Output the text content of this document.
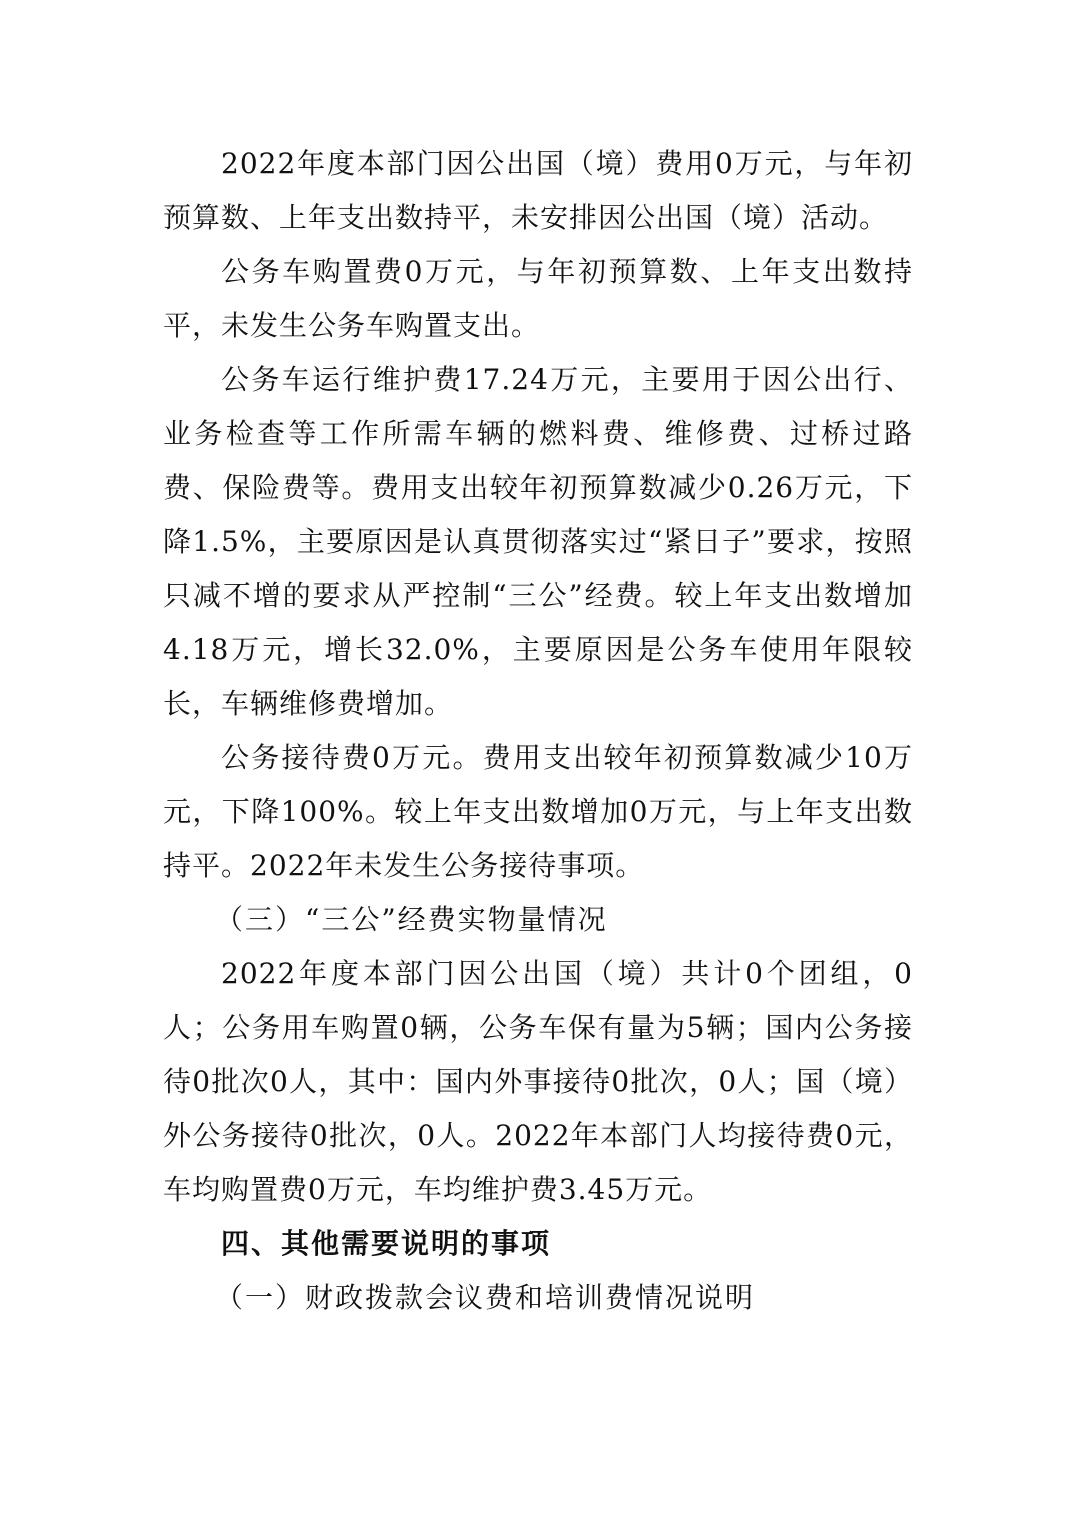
2022年度本部门因公出国（境）费用0万元，与年初预算数、上年支出数持平，未安排因公出国（境）活动。

公务车购置费0万元，与年初预算数、上年支出数持平，未发生公务车购置支出。

公务车运行维护费17.24万元，主要用于因公出行、业务检查等工作所需车辆的燃料费、维修费、过桥过路费、保险费等。费用支出较年初预算数减少0.26万元，下降1.5%，主要原因是认真贯彻落实过“紧日子”要求，按照只减不增的要求从严控制“三公”经费。较上年支出数增加4.18万元，增长32.0%，主要原因是公务车使用年限较长，车辆维修费增加。

公务接待费0万元。费用支出较年初预算数减少10万元，下降100%。较上年支出数增加0万元，与上年支出数持平。2022年未发生公务接待事项。

（三）“三公”经费实物量情况

2022年度本部门因公出国（境）共计0个团组，0人；公务用车购置0辆，公务车保有量为5辆；国内公务接待0批次0人，其中：国内外事接待0批次，0人；国（境）外公务接待0批次，0人。2022年本部门人均接待费0元，车均购置费0万元，车均维护费3.45万元。

四、其他需要说明的事项

（一）财政拨款会议费和培训费情况说明
